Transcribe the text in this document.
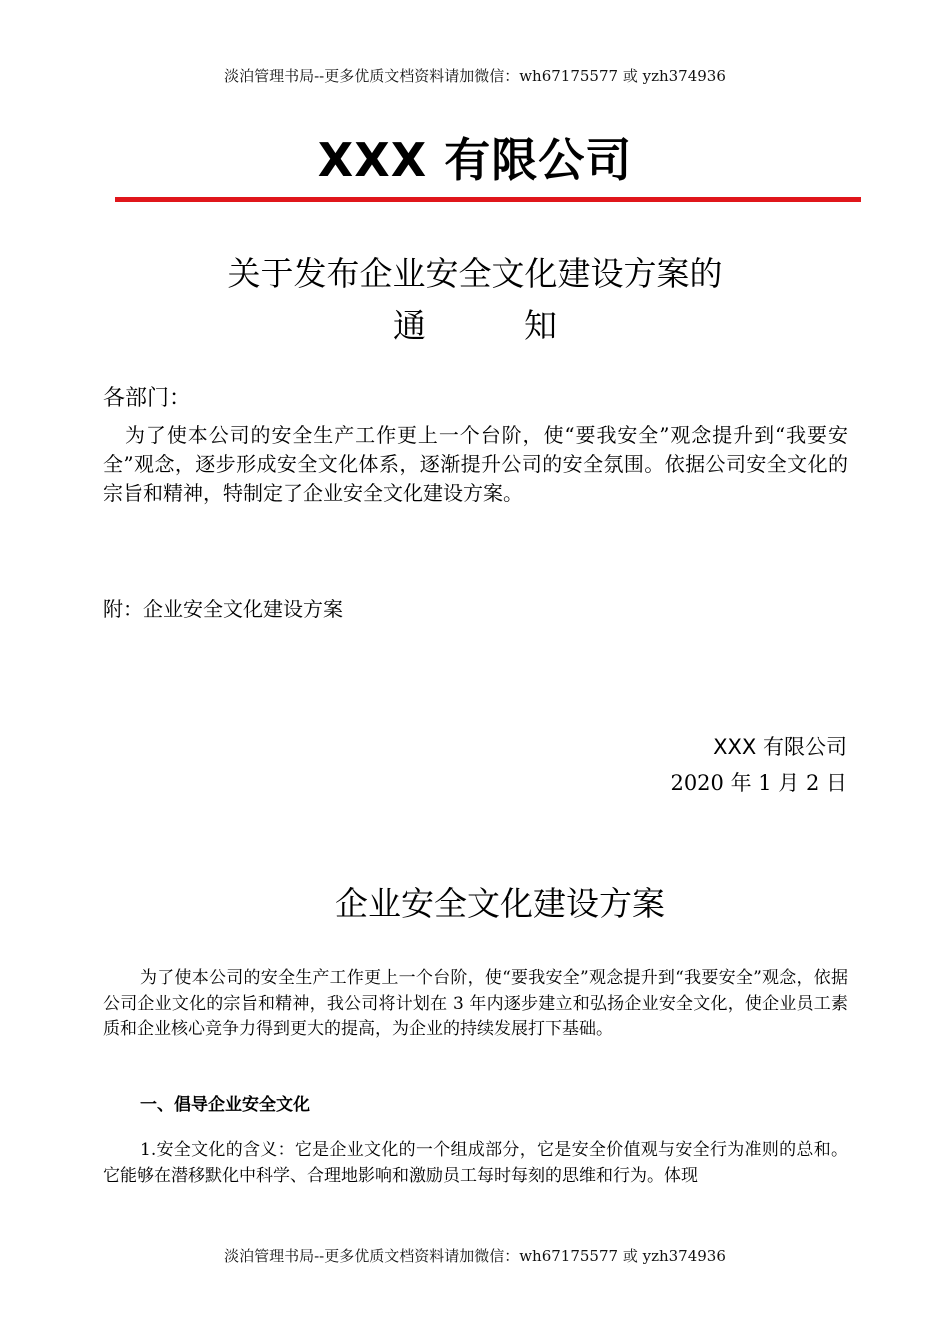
淡泊管理书局--更多优质文档资料请加微信：wh67175577 或 yzh374936
XXX 有限公司
关于发布企业安全文化建设方案的
通	知
各部门：
为了使本公司的安全生产工作更上一个台阶，使“要我安全”观念提升到“我要安全”观念，逐步形成安全文化体系，逐渐提升公司的安全氛围。依据公司安全文化的宗旨和精神，特制定了企业安全文化建设方案。
附：企业安全文化建设方案
XXX 有限公司
2020 年 1 月 2 日
企业安全文化建设方案
为了使本公司的安全生产工作更上一个台阶，使“要我安全”观念提升到“我要安全”观念，依据公司企业文化的宗旨和精神，我公司将计划在 3 年内逐步建立和弘扬企业安全文化，使企业员工素质和企业核心竞争力得到更大的提高，为企业的持续发展打下基础。
一、倡导企业安全文化
1.安全文化的含义：它是企业文化的一个组成部分，它是安全价值观与安全行为准则的总和。它能够在潜移默化中科学、合理地影响和激励员工每时每刻的思维和行为。体现
淡泊管理书局--更多优质文档资料请加微信：wh67175577 或 yzh374936
